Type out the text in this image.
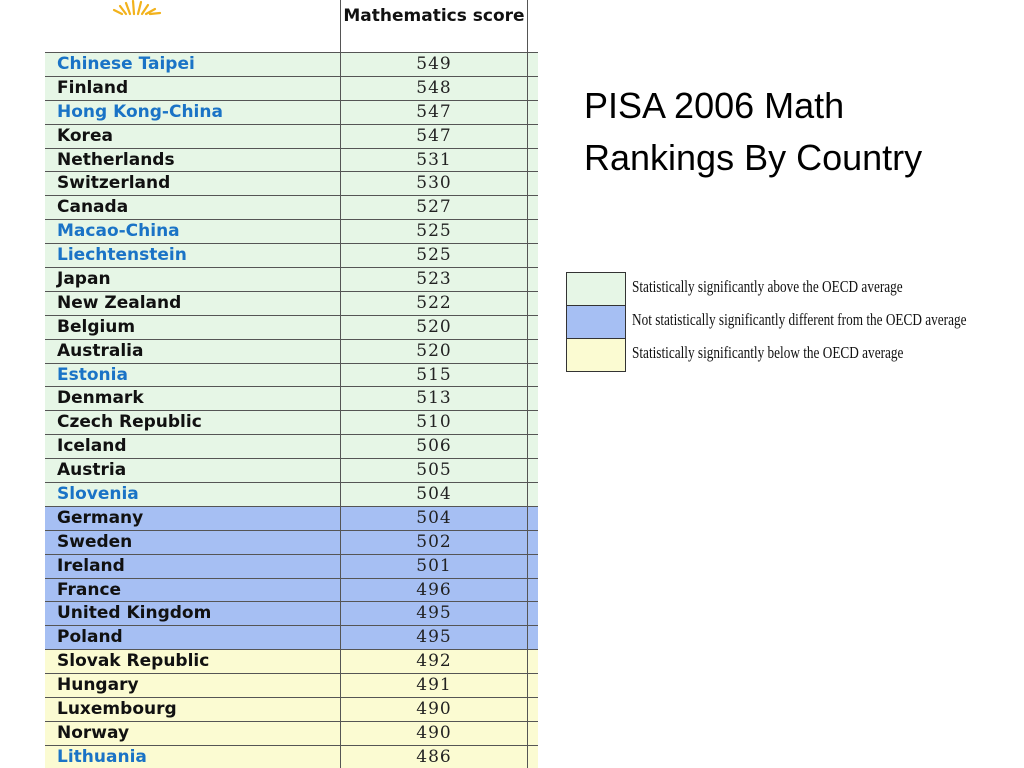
Mathematics score
Chinese Taipei	549
Finland	548
Hong Kong-China	547
Korea	547
Netherlands	531
Switzerland	530
Canada	527
Macao-China	525
Liechtenstein	525
Japan	523
New Zealand	522
Belgium	520
Australia	520
Estonia	515
Denmark	513
Czech Republic	510
Iceland	506
Austria	505
Slovenia	504
Germany	504
Sweden	502
Ireland	501
France	496
United Kingdom	495
Poland	495
Slovak Republic	492
Hungary	491
Luxembourg	490
Norway	490
Lithuania	486
PISA 2006 Math Rankings By Country
Statistically significantly above the OECD average
Not statistically significantly different from the OECD average
Statistically significantly below the OECD average
